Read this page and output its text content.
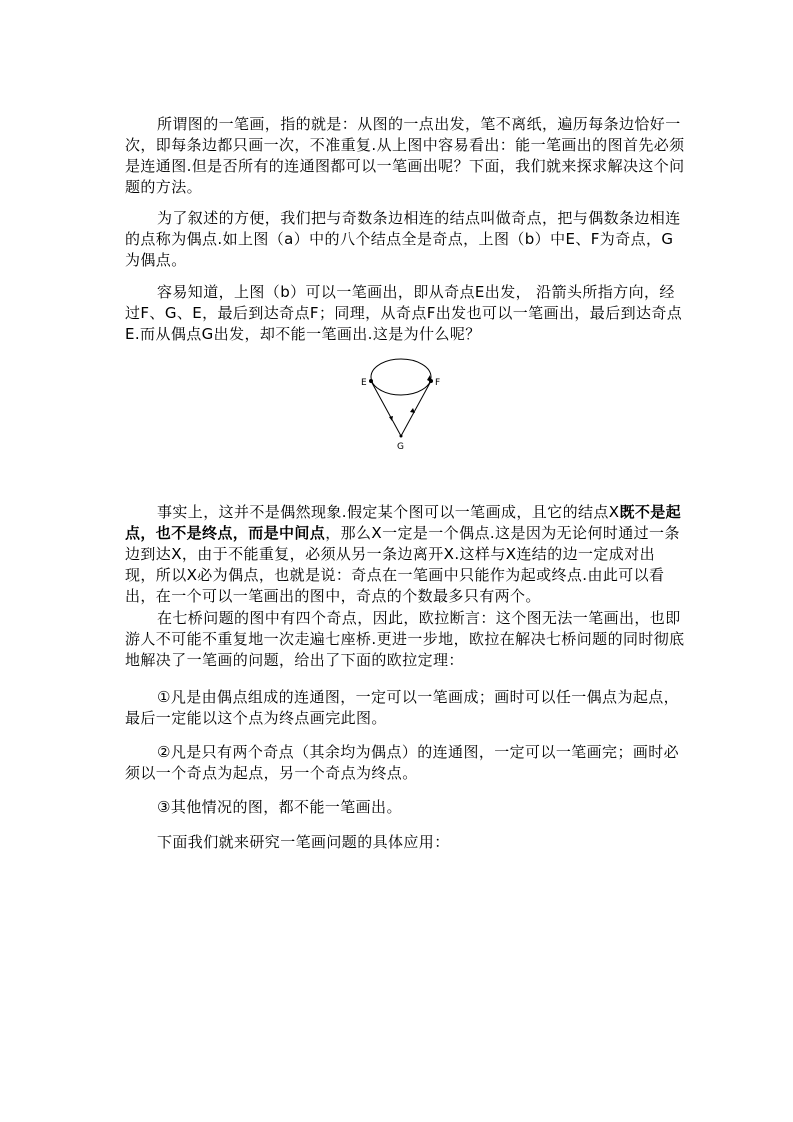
所谓图的一笔画，指的就是：从图的一点出发，笔不离纸，遍历每条边恰好一次，即每条边都只画一次，不准重复.从上图中容易看出：能一笔画出的图首先必须是连通图.但是否所有的连通图都可以一笔画出呢？下面，我们就来探求解决这个问题的方法。

为了叙述的方便，我们把与奇数条边相连的结点叫做奇点，把与偶数条边相连的点称为偶点.如上图（a）中的八个结点全是奇点，上图（b）中E、F为奇点，G为偶点。

容易知道，上图（b）可以一笔画出，即从奇点E出发， 沿箭头所指方向，经过F、G、E，最后到达奇点F；同理，从奇点F出发也可以一笔画出，最后到达奇点E.而从偶点G出发，却不能一笔画出.这是为什么呢？

E	F
G

事实上，这并不是偶然现象.假定某个图可以一笔画成，且它的结点X既不是起点，也不是终点，而是中间点，那么X一定是一个偶点.这是因为无论何时通过一条边到达X，由于不能重复，必须从另一条边离开X.这样与X连结的边一定成对出现，所以X必为偶点，也就是说：奇点在一笔画中只能作为起或终点.由此可以看出，在一个可以一笔画出的图中，奇点的个数最多只有两个。

在七桥问题的图中有四个奇点，因此，欧拉断言：这个图无法一笔画出，也即游人不可能不重复地一次走遍七座桥.更进一步地，欧拉在解决七桥问题的同时彻底地解决了一笔画的问题，给出了下面的欧拉定理：

①凡是由偶点组成的连通图，一定可以一笔画成；画时可以任一偶点为起点，最后一定能以这个点为终点画完此图。

②凡是只有两个奇点（其余均为偶点）的连通图，一定可以一笔画完；画时必须以一个奇点为起点，另一个奇点为终点。

③其他情况的图，都不能一笔画出。

下面我们就来研究一笔画问题的具体应用：
